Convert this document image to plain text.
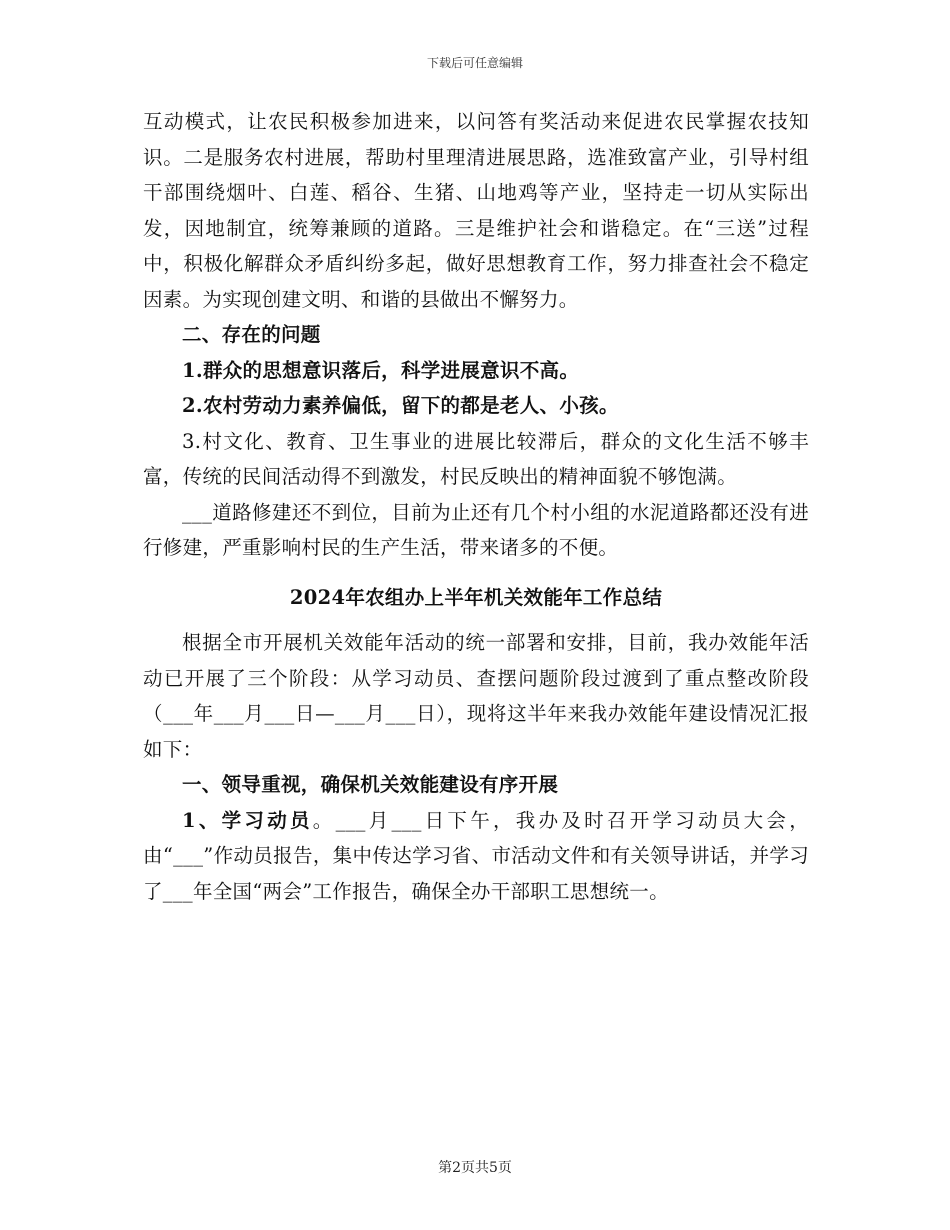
下载后可任意编辑

互动模式，让农民积极参加进来，以问答有奖活动来促进农民掌握农技知识。二是服务农村进展，帮助村里理清进展思路，选准致富产业，引导村组干部围绕烟叶、白莲、稻谷、生猪、山地鸡等产业，坚持走一切从实际出发，因地制宜，统筹兼顾的道路。三是维护社会和谐稳定。在“三送”过程中，积极化解群众矛盾纠纷多起，做好思想教育工作，努力排查社会不稳定因素。为实现创建文明、和谐的县做出不懈努力。

二、存在的问题

1.群众的思想意识落后，科学进展意识不高。

2.农村劳动力素养偏低，留下的都是老人、小孩。

3.村文化、教育、卫生事业的进展比较滞后，群众的文化生活不够丰富，传统的民间活动得不到激发，村民反映出的精神面貌不够饱满。

___道路修建还不到位，目前为止还有几个村小组的水泥道路都还没有进行修建，严重影响村民的生产生活，带来诸多的不便。

2024年农组办上半年机关效能年工作总结

根据全市开展机关效能年活动的统一部署和安排，目前，我办效能年活动已开展了三个阶段：从学习动员、查摆问题阶段过渡到了重点整改阶段（___年___月___日—___月___日），现将这半年来我办效能年建设情况汇报如下：

一、领导重视，确保机关效能建设有序开展

1、学习动员。___月___日下午，我办及时召开学习动员大会，由“___”作动员报告，集中传达学习省、市活动文件和有关领导讲话，并学习了___年全国“两会”工作报告，确保全办干部职工思想统一。

第2页共5页
